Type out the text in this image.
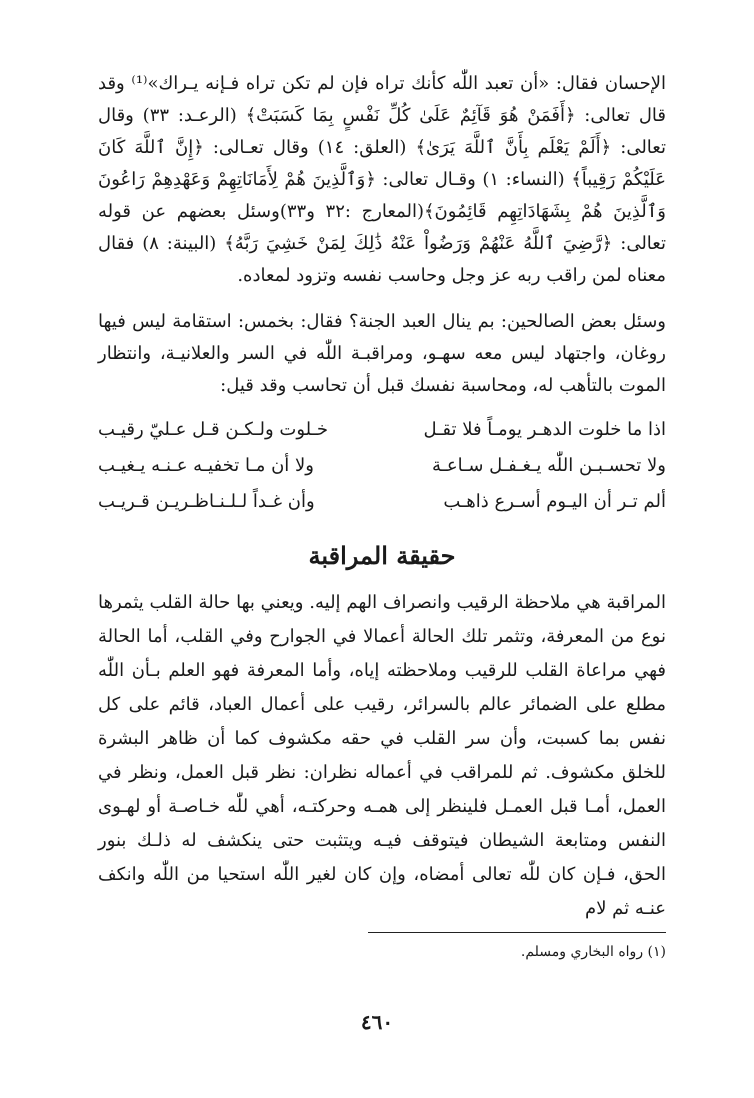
الإحسان فقال: «أن تعبد اللّٰه كأنك تراه فإن لم تكن تراه فـإنه يـراك»⁽¹⁾ وقد قال تعالى: ﴿أَفَمَنْ هُوَ قَآئِمٌ عَلَىٰ كُلِّ نَفْسٍ بِمَا كَسَبَتْ﴾ (الرعـد: ٣٣) وقال تعالى: ﴿أَلَمْ يَعْلَم بِأَنَّ ٱللَّهَ يَرَىٰ﴾ (العلق: ١٤) وقال تعـالى: ﴿إِنَّ ٱللَّهَ كَانَ عَلَيْكُمْ رَقِيباً﴾ (النساء: ١) وقـال تعالى: ﴿وَٱلَّذِينَ هُمْ لِأَمَانَاتِهِمْ وَعَهْدِهِمْ رَاعُونَ وَٱلَّذِينَ هُمْ بِشَهَادَاتِهِم قَائِمُونَ﴾(المعارج :٣٢ و٣٣)وسئل بعضهم عن قوله تعالى: ﴿رَّضِيَ ٱللَّهُ عَنْهُمْ وَرَضُواْ عَنْهُ ذَٰلِكَ لِمَنْ خَشِيَ رَبَّهُ﴾ (البينة: ٨) فقال معناه لمن راقب ربه عز وجل وحاسب نفسه وتزود لمعاده.

وسئل بعض الصالحين: بم ينال العبد الجنة؟ فقال: بخمس: استقامة ليس فيها روغان، واجتهاد ليس معه سهـو، ومراقبـة اللّٰه في السر والعلانيـة، وانتظار الموت بالتأهب له، ومحاسبة نفسك قبل أن تحاسب وقد قيل:

اذا ما خلوت الدهـر يومـاً فلا تقـل
خـلوت ولـكـن قـل عـليّ رقيـب
ولا تحسـبـن اللّٰه يـغـفـل سـاعـة
ولا أن مـا تخفيـه عـنـه يـغيـب
ألم تـر أن اليـوم أسـرع ذاهـب
وأن غـداً لـلـنـاظـريـن قـريـب
حقيقة المراقبة

المراقبة هي ملاحظة الرقيب وانصراف الهم إليه. ويعني بها حالة القلب يثمرها نوع من المعرفة، وتثمر تلك الحالة أعمالا في الجوارح وفي القلب، أما الحالة فهي مراعاة القلب للرقيب وملاحظته إياه، وأما المعرفة فهو العلم بـأن اللّٰه مطلع على الضمائر عالم بالسرائر، رقيب على أعمال العباد، قائم على كل نفس بما كسبت، وأن سر القلب في حقه مكشوف كما أن ظاهر البشرة للخلق مكشوف. ثم للمراقب في أعماله نظران: نظر قبل العمل، ونظر في العمل، أمـا قبل العمـل فلينظر إلى همـه وحركتـه، أهي للّٰه خـاصـة أو لهـوى النفس ومتابعة الشيطان فيتوقف فيـه ويتثبت حتى ينكشف له ذلـك بنور الحق، فـإن كان للّٰه تعالى أمضاه، وإن كان لغير اللّٰه استحيا من اللّٰه وانكف عنـه ثم لام

(١) رواه البخاري ومسلم.
٤٦٠
